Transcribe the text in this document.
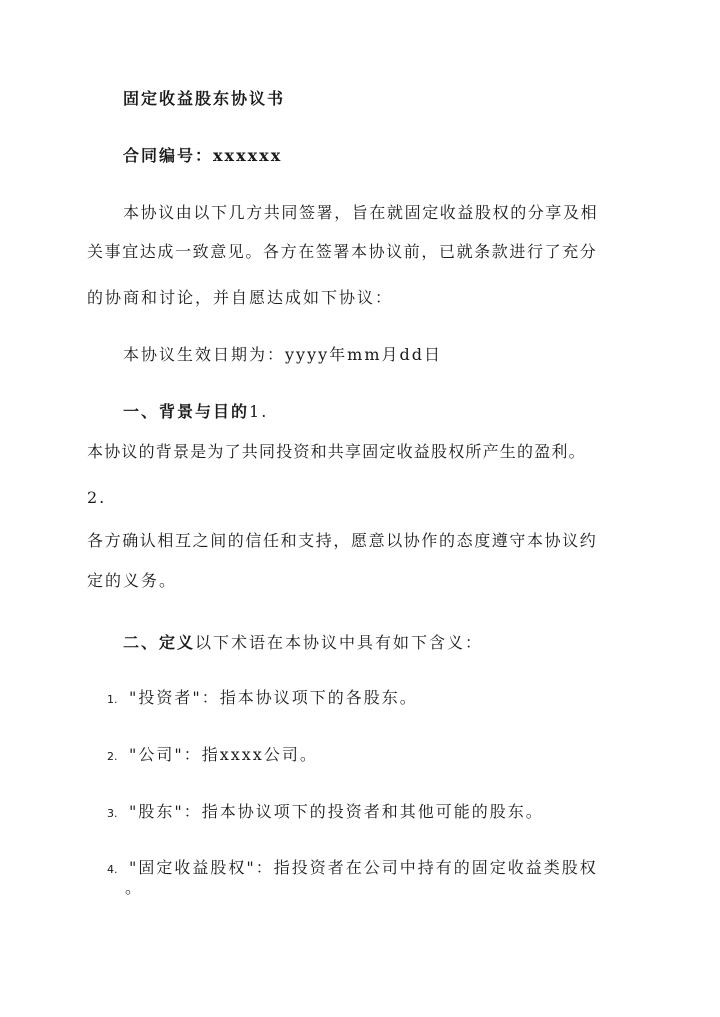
固定收益股东协议书
合同编号：xxxxxx
本协议由以下几方共同签署，旨在就固定收益股权的分享及相
关事宜达成一致意见。各方在签署本协议前，已就条款进行了充分
的协商和讨论，并自愿达成如下协议：
本协议生效日期为：yyyy年mm月dd日
一、背景与目的1.
本协议的背景是为了共同投资和共享固定收益股权所产生的盈利。
2.
各方确认相互之间的信任和支持，愿意以协作的态度遵守本协议约
定的义务。
二、定义以下术语在本协议中具有如下含义：
1. "投资者"：指本协议项下的各股东。
2. "公司"：指xxxx公司。
3. "股东"：指本协议项下的投资者和其他可能的股东。
4. "固定收益股权"：指投资者在公司中持有的固定收益类股权
。
